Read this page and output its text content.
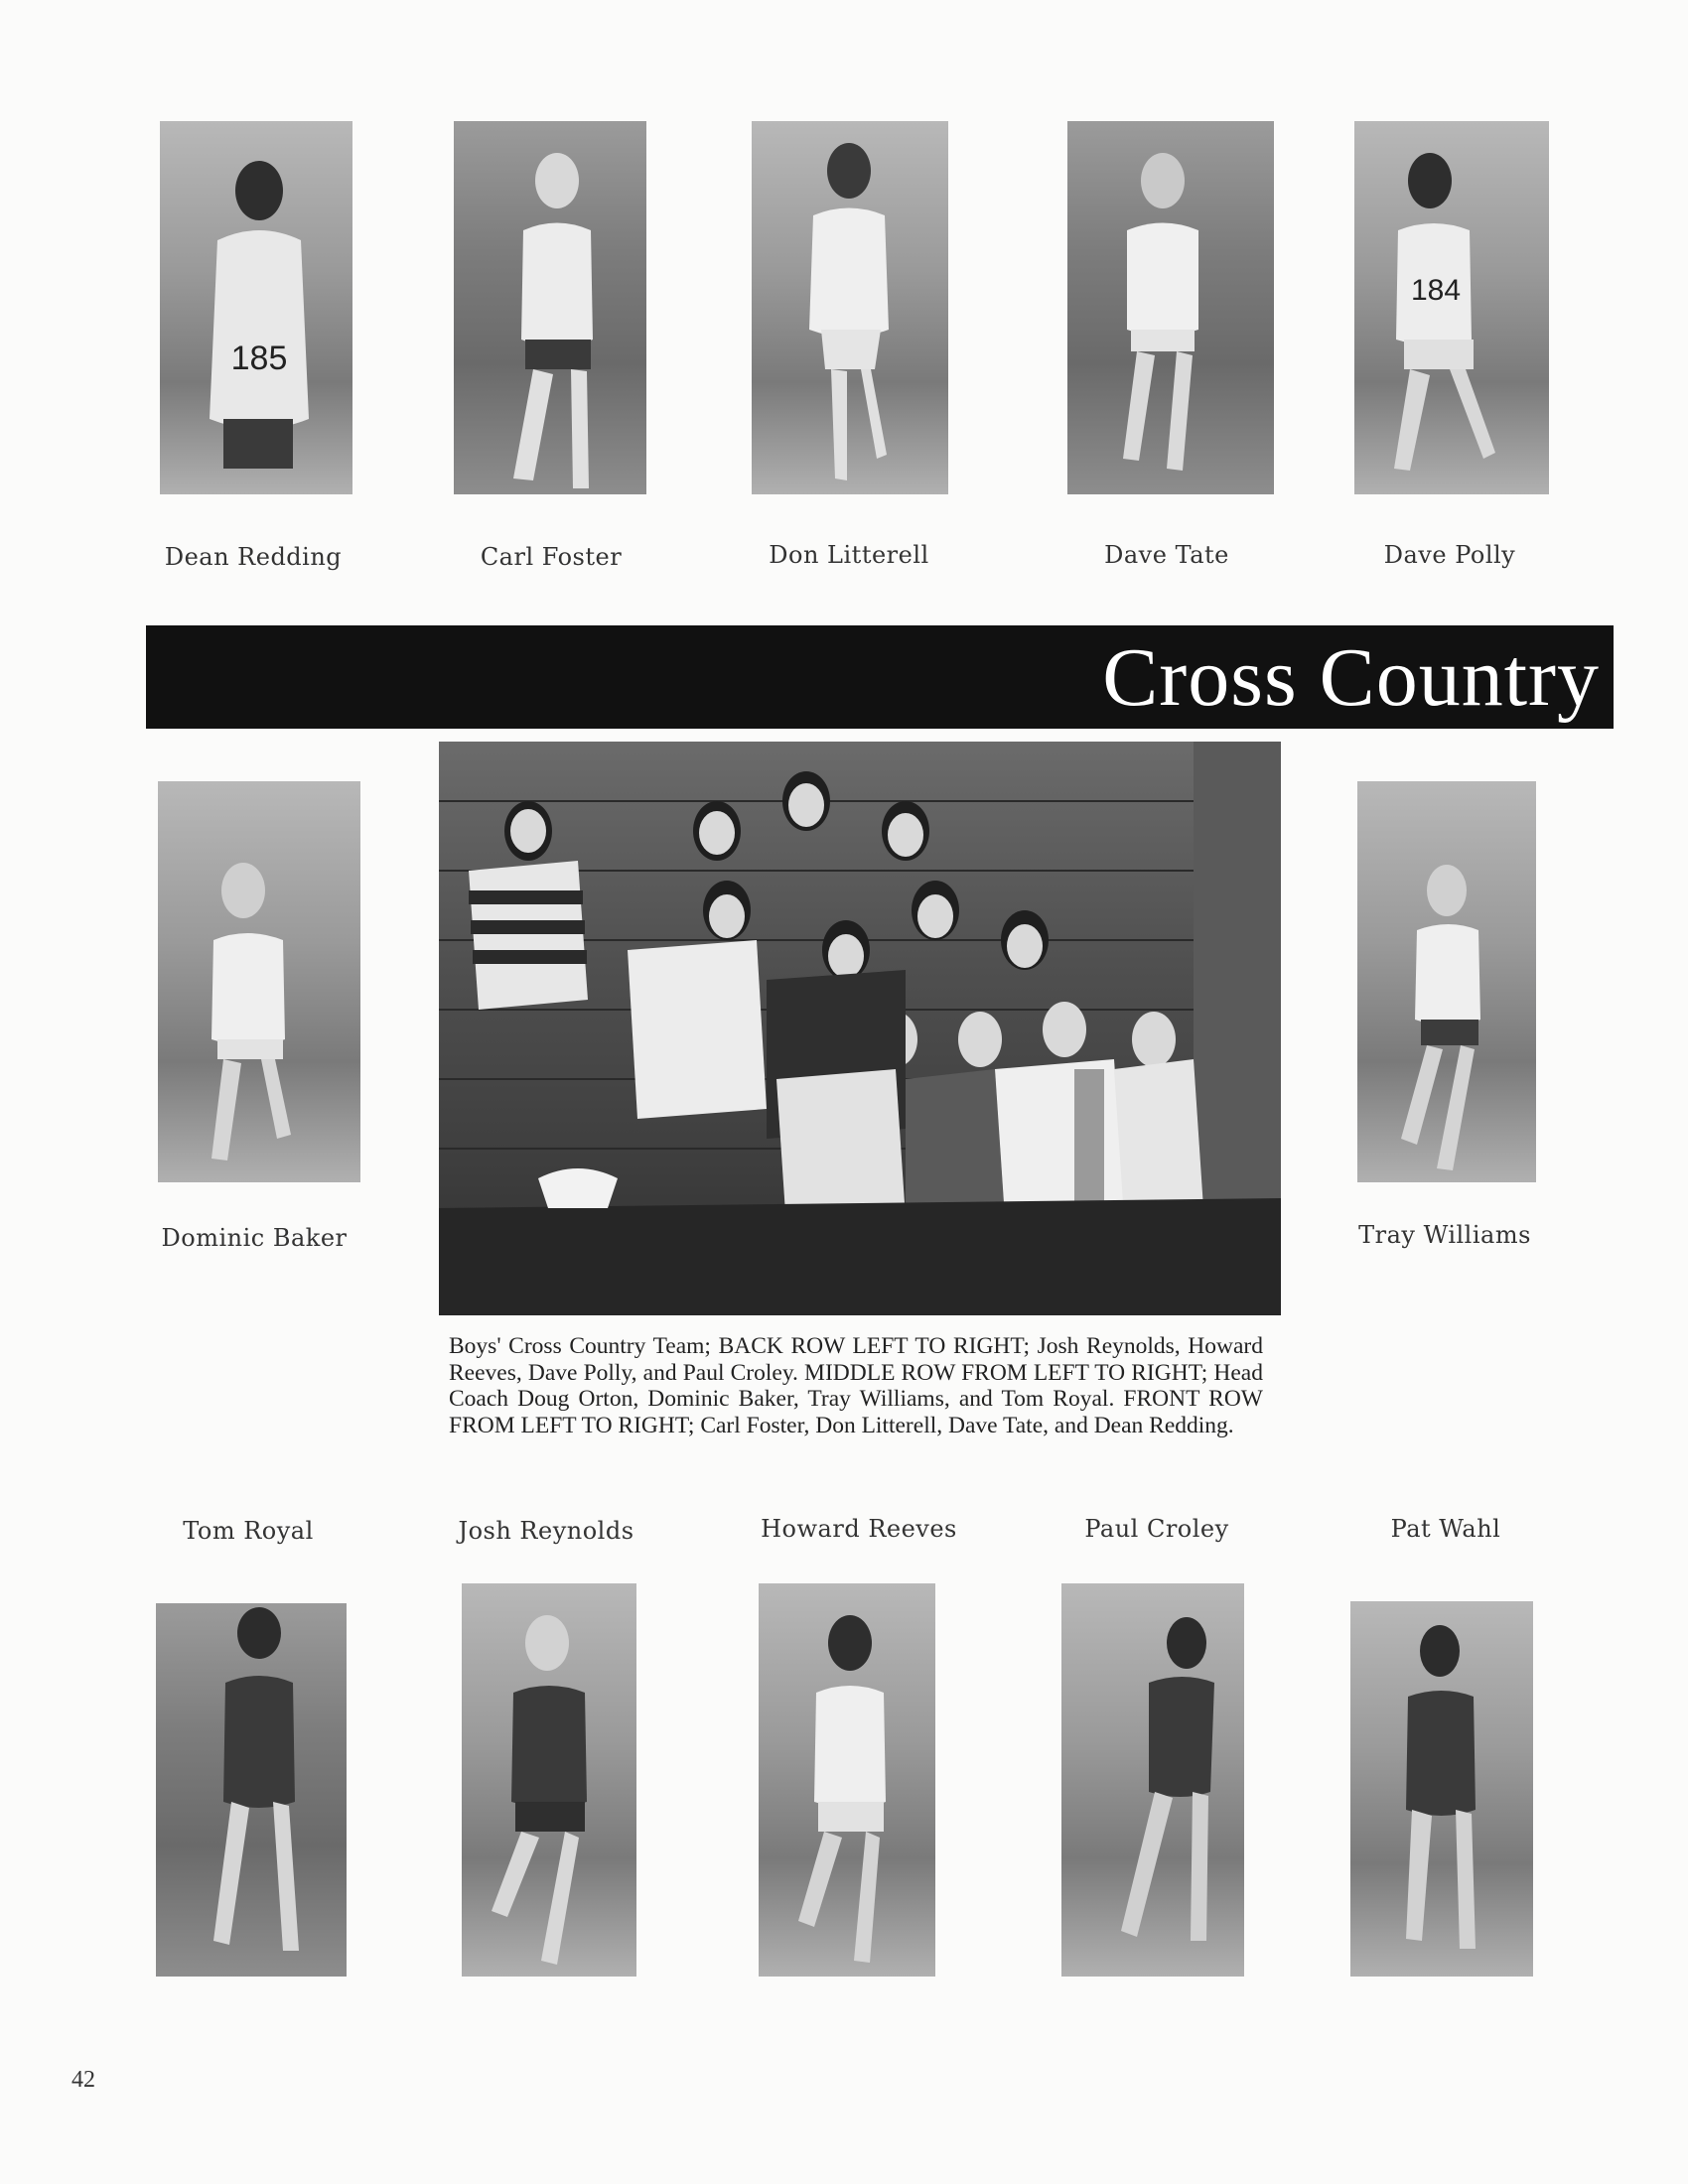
185
184
Dean Redding	Carl Foster	Don Litterell	Dave Tate	Dave Polly
Cross Country
Dominic Baker	Tray Williams
Boys' Cross Country Team; BACK ROW LEFT TO RIGHT; Josh Reynolds, Howard Reeves, Dave Polly, and Paul Croley. MIDDLE ROW FROM LEFT TO RIGHT; Head Coach Doug Orton, Dominic Baker, Tray Williams, and Tom Royal. FRONT ROW FROM LEFT TO RIGHT; Carl Foster, Don Litterell, Dave Tate, and Dean Redding.
Tom Royal	Josh Reynolds	Howard Reeves	Paul Croley	Pat Wahl
42
